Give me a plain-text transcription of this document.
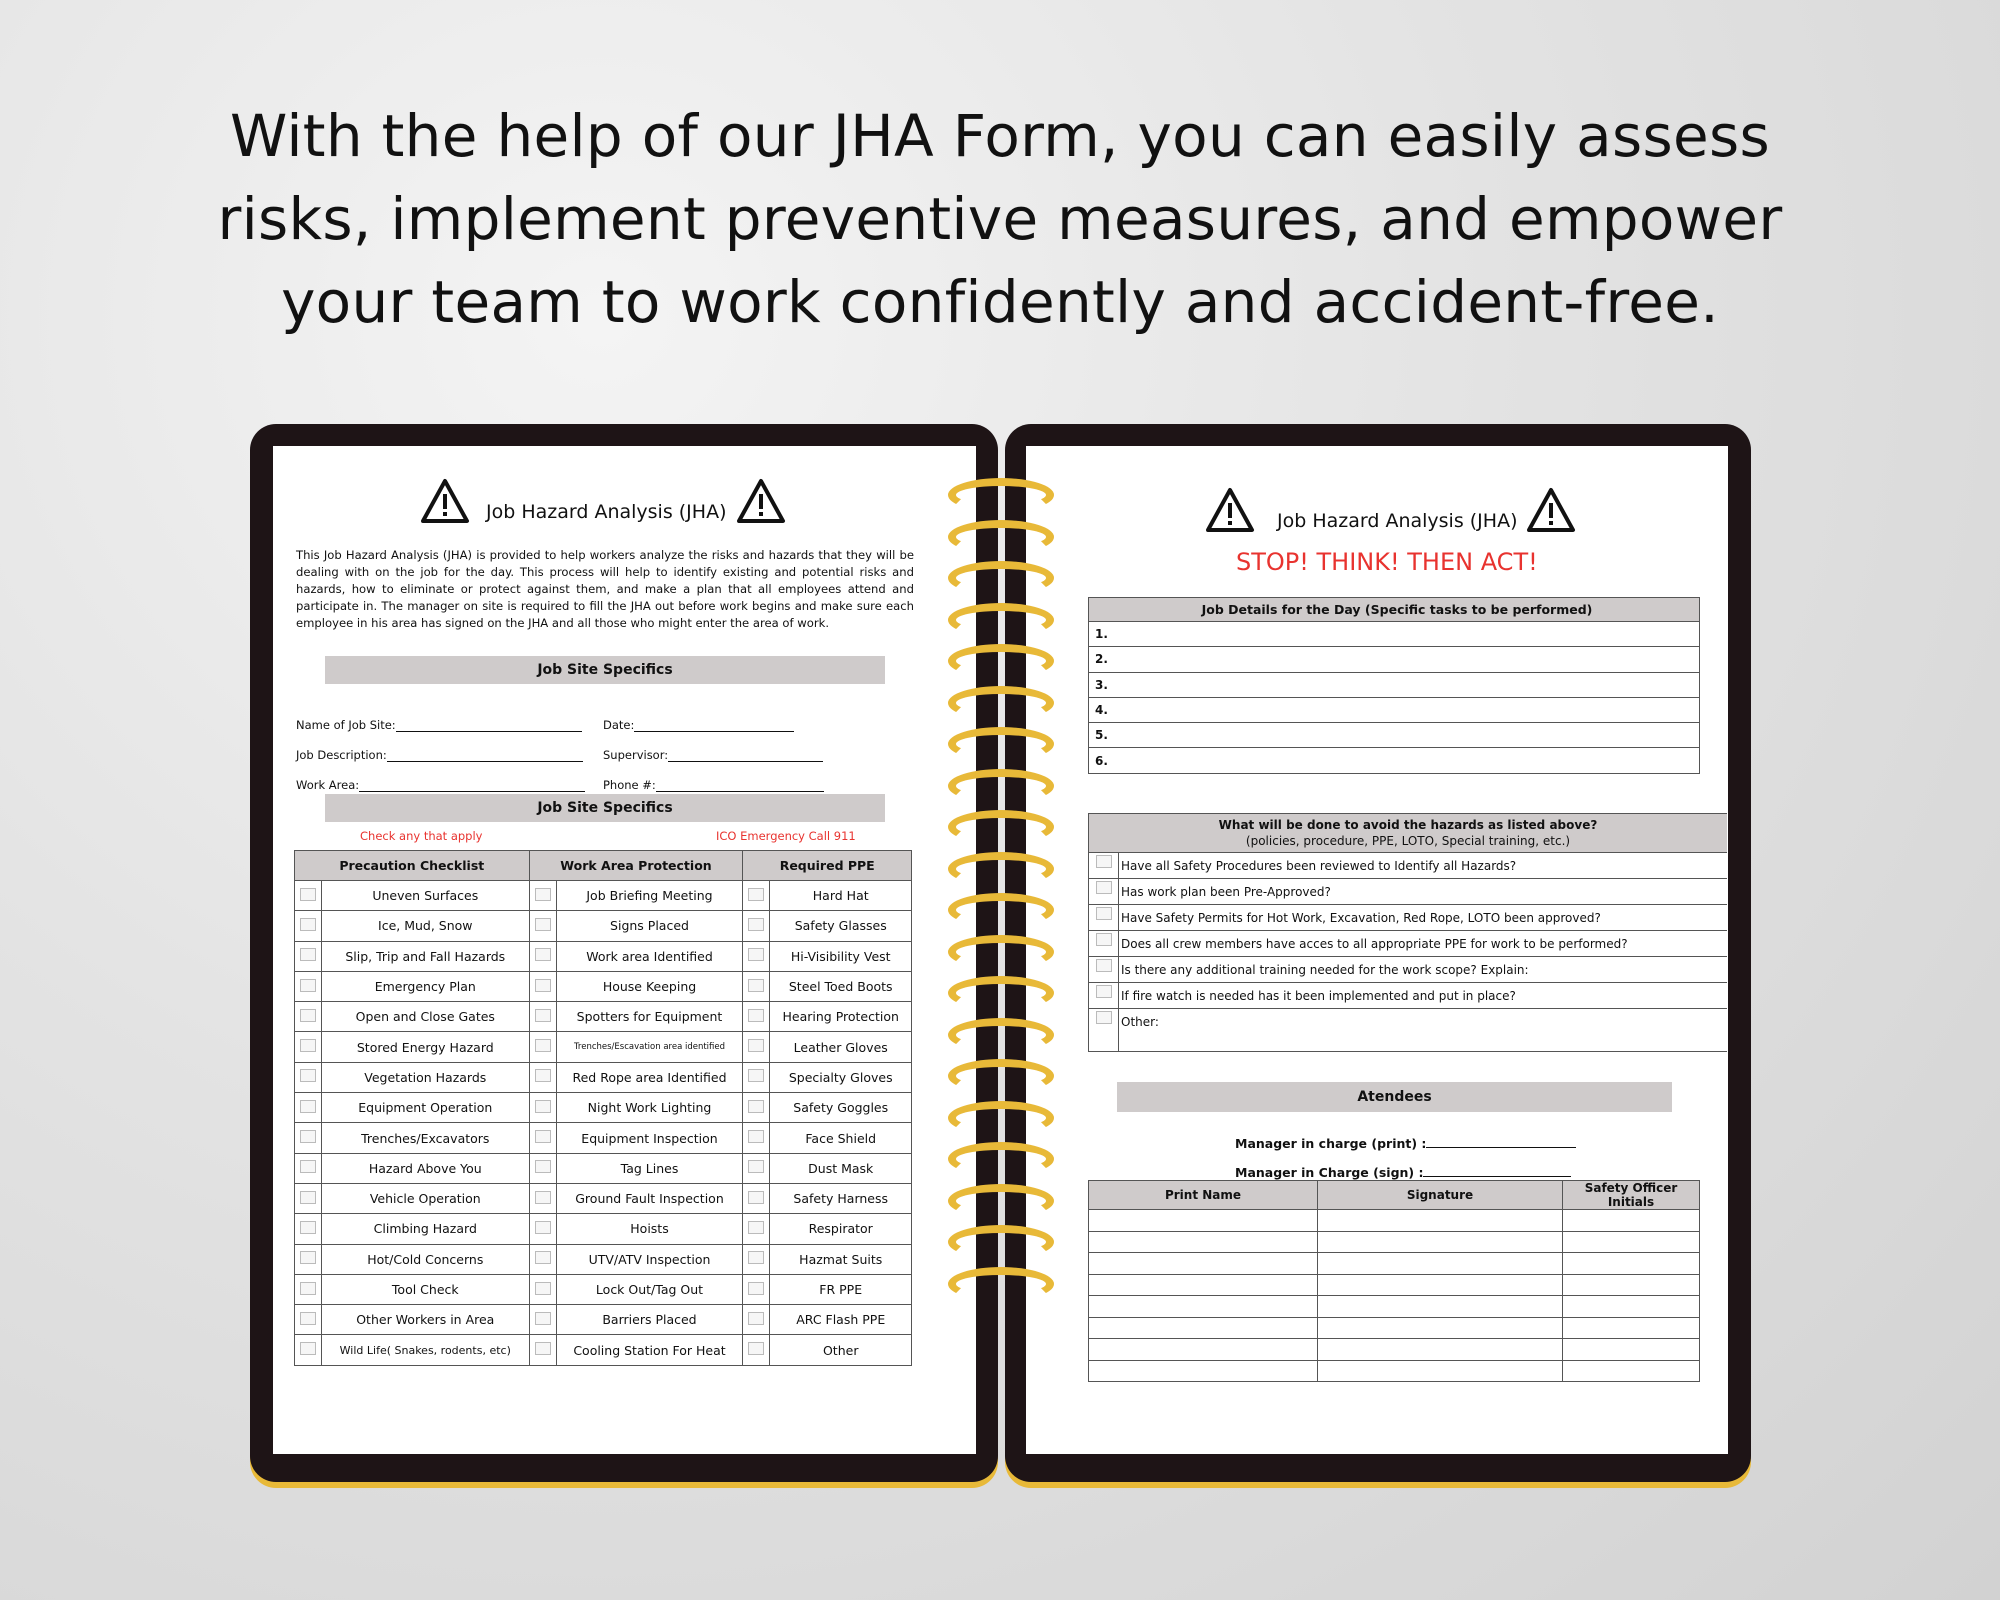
With the help of our JHA Form, you can easily assess
risks, implement preventive measures, and empower
your team to work confidently and accident-free.
Job Hazard Analysis (JHA)
This Job Hazard Analysis (JHA) is provided to help workers analyze the risks and hazards that they will be dealing with on the job for the day. This process will help to identify existing and potential risks and hazards, how to eliminate or protect against them, and make a plan that all employees attend and participate in. The manager on site is required to fill the JHA out before work begins and make sure each employee in his area has signed on the JHA and all those who might enter the area of work.
Job Site Specifics
Name of Job Site:	Date:
Job Description:	Supervisor:
Work Area:	Phone #:
Job Site Specifics
Check any that apply	ICO Emergency Call 911
Precaution Checklist		Work Area Protection		Required PPE	
	Uneven Surfaces		Job Briefing Meeting		Hard Hat
	Ice, Mud, Snow		Signs Placed		Safety Glasses
	Slip, Trip and Fall Hazards		Work area Identified		Hi-Visibility Vest
	Emergency Plan		House Keeping		Steel Toed Boots
	Open and Close Gates		Spotters for Equipment		Hearing Protection
	Stored Energy Hazard		Trenches/Escavation area identified		Leather Gloves
	Vegetation Hazards		Red Rope area Identified		Specialty Gloves
	Equipment Operation		Night Work Lighting		Safety Goggles
	Trenches/Excavators		Equipment Inspection		Face Shield
	Hazard Above You		Tag Lines		Dust Mask
	Vehicle Operation		Ground Fault Inspection		Safety Harness
	Climbing Hazard		Hoists		Respirator
	Hot/Cold Concerns		UTV/ATV Inspection		Hazmat Suits
	Tool Check		Lock Out/Tag Out		FR PPE
	Other Workers in Area		Barriers Placed		ARC Flash PPE
	Wild Life( Snakes, rodents, etc)		Cooling Station For Heat		Other
Job Hazard Analysis (JHA)
STOP! THINK! THEN ACT!
Job Details for the Day (Specific tasks to be performed)
1.
2.
3.
4.
5.
6.
What will be done to avoid the hazards as listed above?
(policies, procedure, PPE, LOTO, Special training, etc.)
Have all Safety Procedures been reviewed to Identify all Hazards?
Has work plan been Pre-Approved?
Have Safety Permits for Hot Work, Excavation, Red Rope, LOTO been approved?
Does all crew members have acces to all appropriate PPE for work to be performed?
Is there any additional training needed for the work scope? Explain:
If fire watch is needed has it been implemented and put in place?
Other:
Atendees
Manager in charge (print) :
Manager in Charge (sign) :
Print Name	Signature	Safety Officer Initials
